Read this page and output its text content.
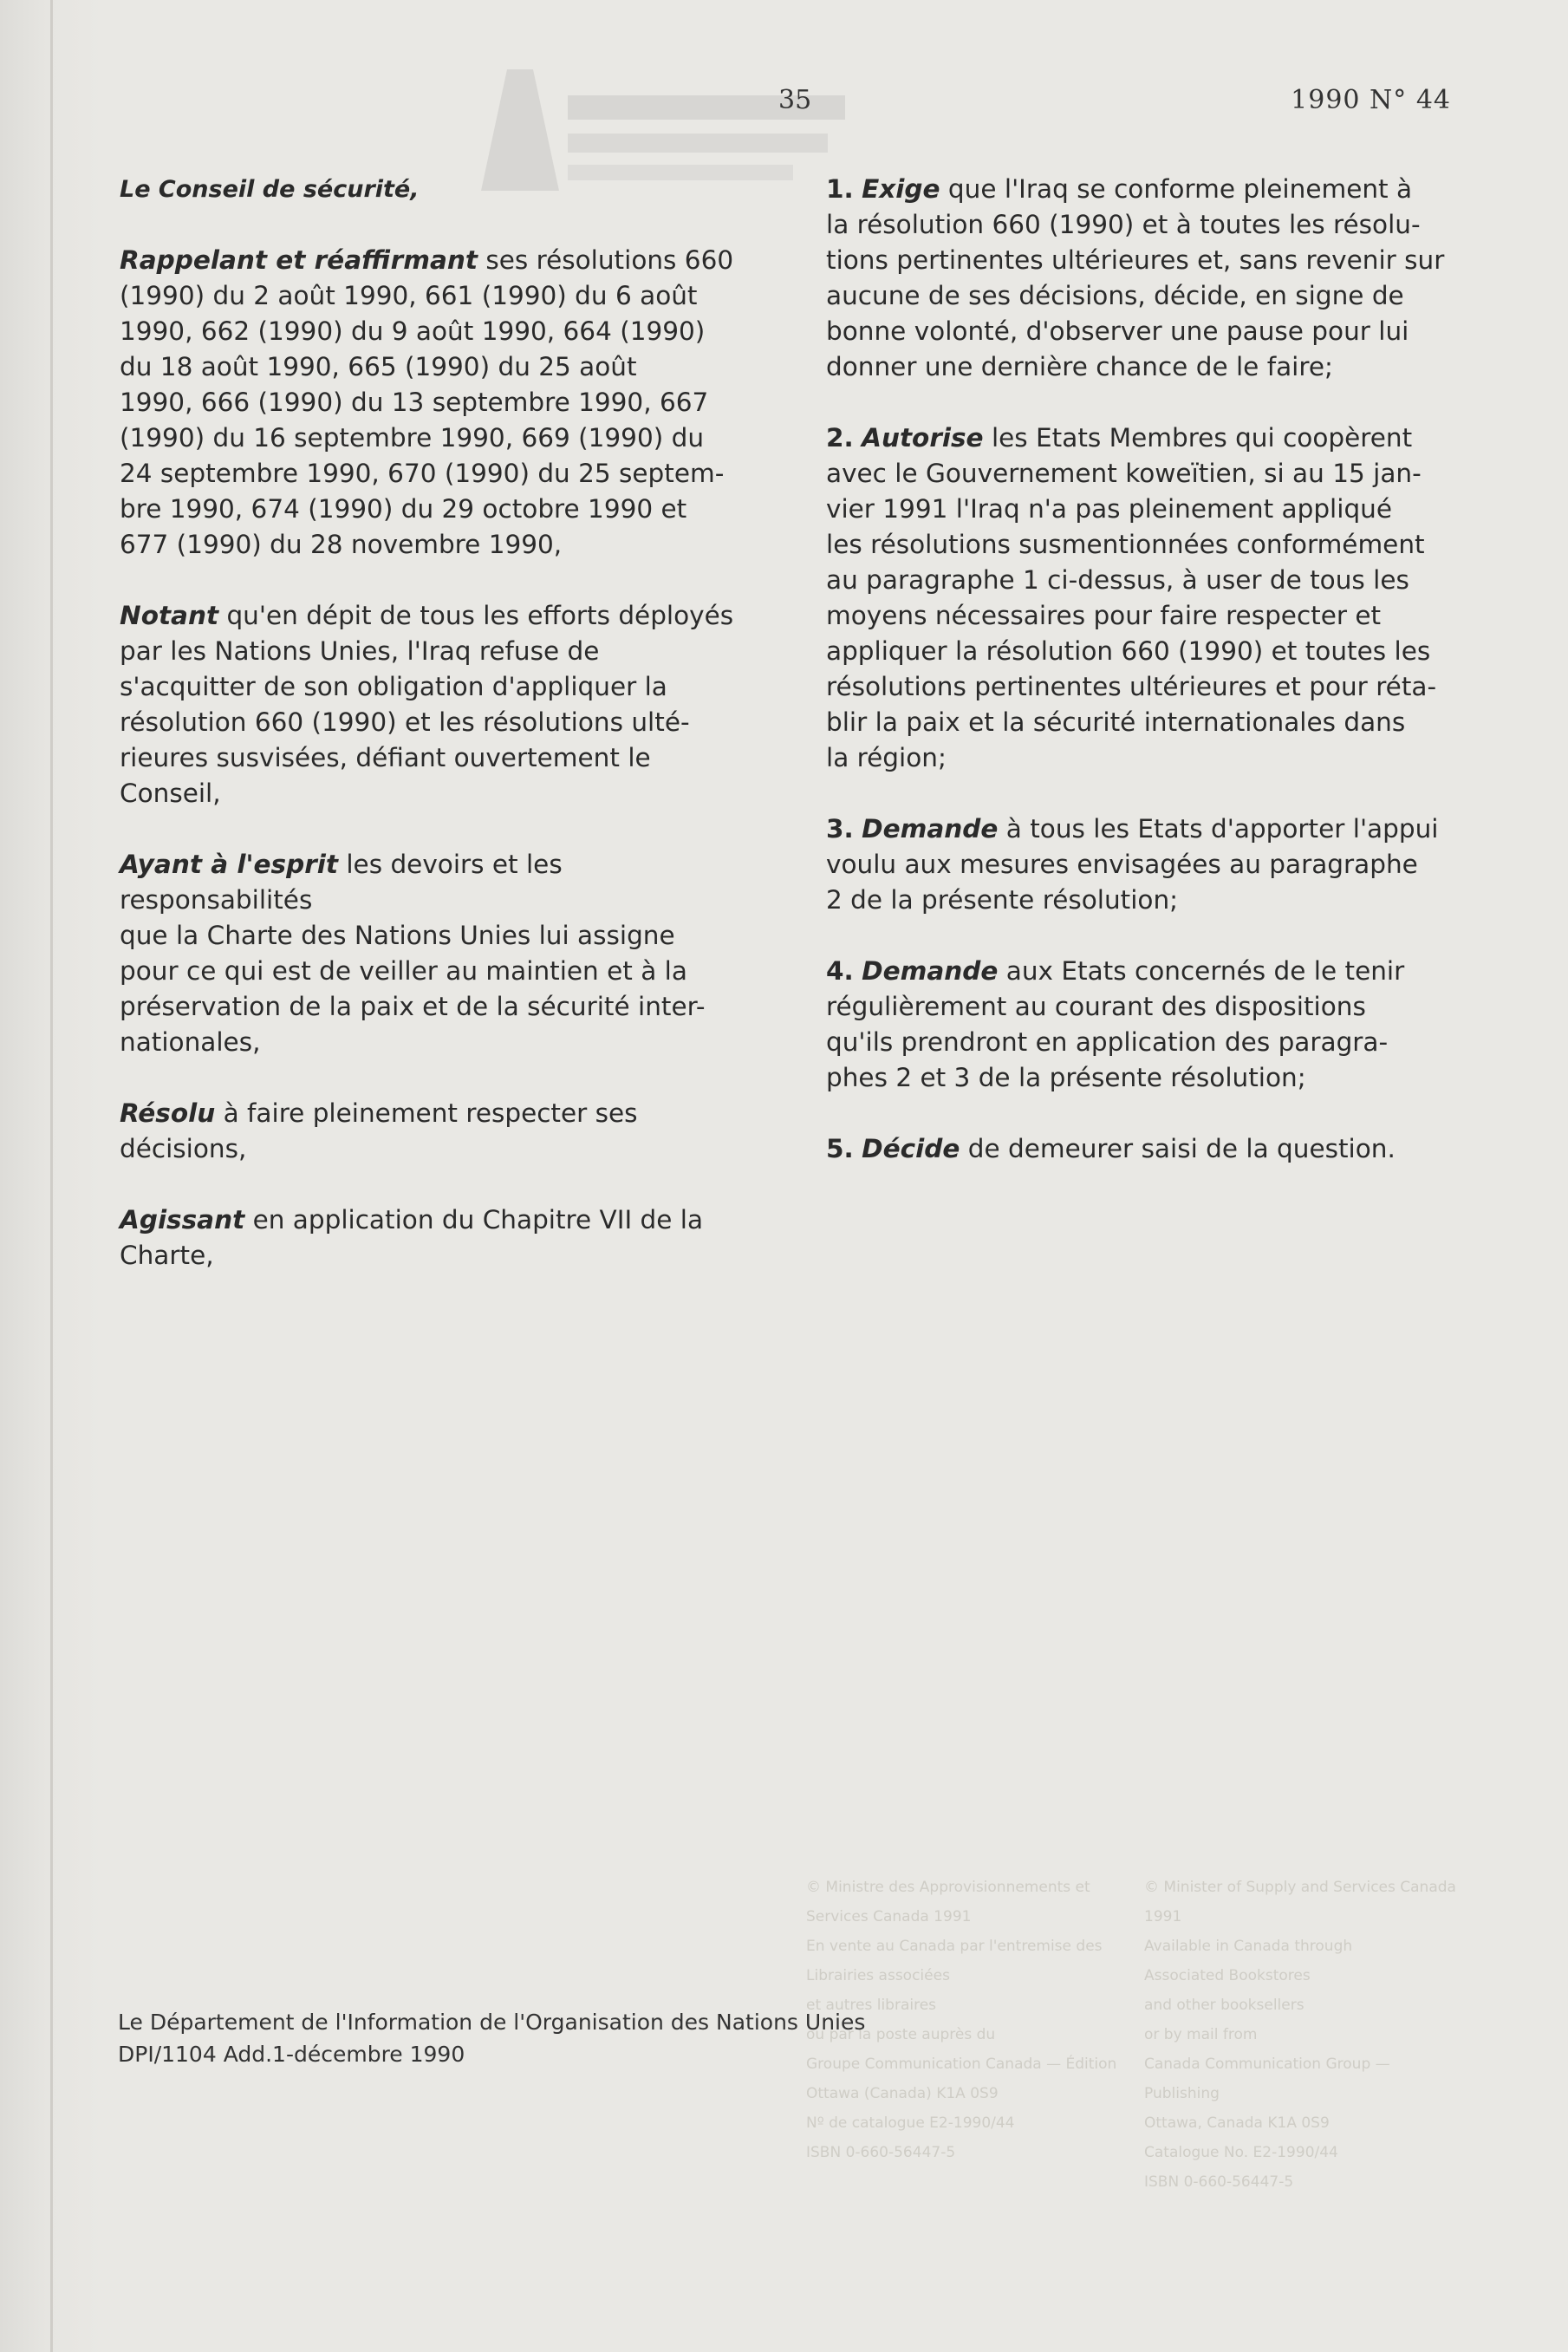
35	1990 N° 44
© Ministre des Approvisionnements et Services Canada 1991
En vente au Canada par l'entremise des
Librairies associées
et autres libraires
ou par la poste auprès du
Groupe Communication Canada — Édition
Ottawa (Canada) K1A 0S9
Nº de catalogue E2-1990/44
ISBN 0-660-56447-5
© Minister of Supply and Services Canada 1991
Available in Canada through
Associated Bookstores
and other booksellers
or by mail from
Canada Communication Group — Publishing
Ottawa, Canada K1A 0S9
Catalogue No. E2-1990/44
ISBN 0-660-56447-5

Le Conseil de sécurité,

Rappelant et réaffirmant ses résolutions 660
(1990) du 2 août 1990, 661 (1990) du 6 août
1990, 662 (1990) du 9 août 1990, 664 (1990)
du 18 août 1990, 665 (1990) du 25 août
1990, 666 (1990) du 13 septembre 1990, 667
(1990) du 16 septembre 1990, 669 (1990) du
24 septembre 1990, 670 (1990) du 25 septem-
bre 1990, 674 (1990) du 29 octobre 1990 et
677 (1990) du 28 novembre 1990,

Notant qu'en dépit de tous les efforts déployés
par les Nations Unies, l'Iraq refuse de
s'acquitter de son obligation d'appliquer la
résolution 660 (1990) et les résolutions ulté-
rieures susvisées, défiant ouvertement le
Conseil,

Ayant à l'esprit les devoirs et les responsabilités
que la Charte des Nations Unies lui assigne
pour ce qui est de veiller au maintien et à la
préservation de la paix et de la sécurité inter-
nationales,

Résolu à faire pleinement respecter ses
décisions,

Agissant en application du Chapitre VII de la
Charte,

1. Exige que l'Iraq se conforme pleinement à
la résolution 660 (1990) et à toutes les résolu-
tions pertinentes ultérieures et, sans revenir sur
aucune de ses décisions, décide, en signe de
bonne volonté, d'observer une pause pour lui
donner une dernière chance de le faire;

2. Autorise les Etats Membres qui coopèrent
avec le Gouvernement koweïtien, si au 15 jan-
vier 1991 l'Iraq n'a pas pleinement appliqué
les résolutions susmentionnées conformément
au paragraphe 1 ci-dessus, à user de tous les
moyens nécessaires pour faire respecter et
appliquer la résolution 660 (1990) et toutes les
résolutions pertinentes ultérieures et pour réta-
blir la paix et la sécurité internationales dans
la région;

3. Demande à tous les Etats d'apporter l'appui
voulu aux mesures envisagées au paragraphe
2 de la présente résolution;

4. Demande aux Etats concernés de le tenir
régulièrement au courant des dispositions
qu'ils prendront en application des paragra-
phes 2 et 3 de la présente résolution;

5. Décide de demeurer saisi de la question.

Le Département de l'Information de l'Organisation des Nations Unies
DPI/1104 Add.1-décembre 1990
